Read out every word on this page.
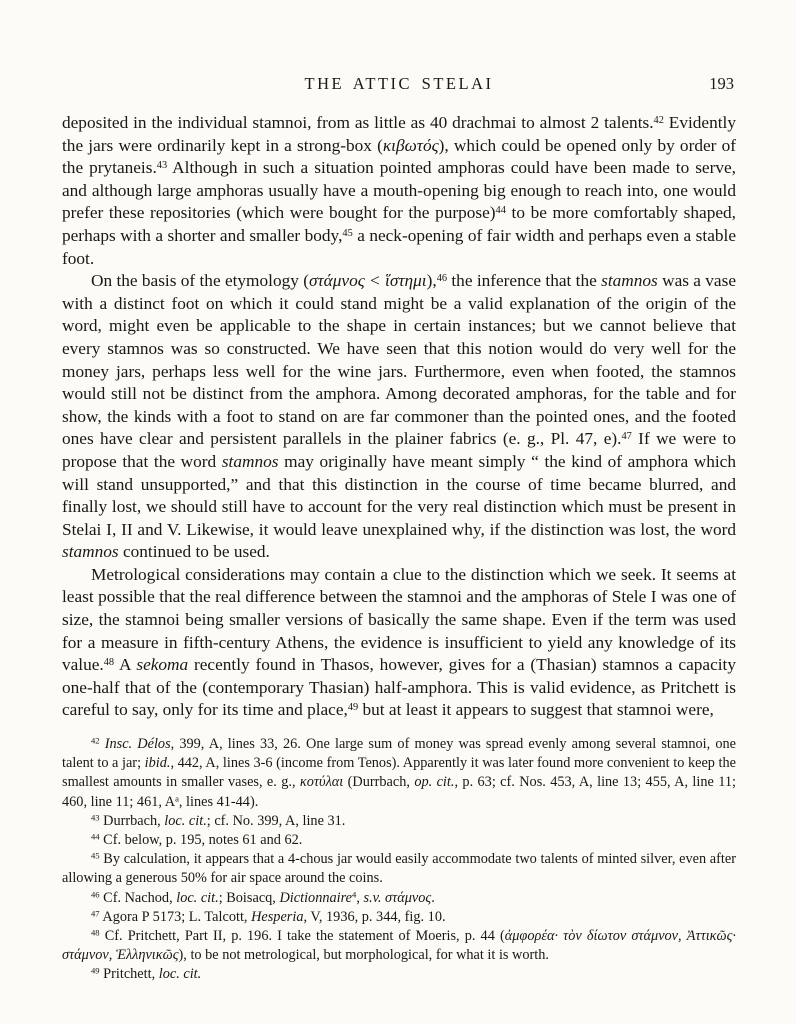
THE ATTIC STELAI	193

deposited in the individual stamnoi, from as little as 40 drachmai to almost 2 talents.$^{42}$ Evidently the jars were ordinarily kept in a strong-box (κιβωτός), which could be opened only by order of the prytaneis.$^{43}$ Although in such a situation pointed amphoras could have been made to serve, and although large amphoras usually have a mouth-opening big enough to reach into, one would prefer these repositories (which were bought for the purpose)$^{44}$ to be more comfortably shaped, perhaps with a shorter and smaller body,$^{45}$ a neck-opening of fair width and perhaps even a stable foot.

On the basis of the etymology (στάμνος < ἵστημι),$^{46}$ the inference that the stamnos was a vase with a distinct foot on which it could stand might be a valid explanation of the origin of the word, might even be applicable to the shape in certain instances; but we cannot believe that every stamnos was so constructed. We have seen that this notion would do very well for the money jars, perhaps less well for the wine jars. Furthermore, even when footed, the stamnos would still not be distinct from the amphora. Among decorated amphoras, for the table and for show, the kinds with a foot to stand on are far commoner than the pointed ones, and the footed ones have clear and persistent parallels in the plainer fabrics (e. g., Pl. 47, e).$^{47}$ If we were to propose that the word stamnos may originally have meant simply “ the kind of amphora which will stand unsupported,” and that this distinction in the course of time became blurred, and finally lost, we should still have to account for the very real distinction which must be present in Stelai I, II and V. Likewise, it would leave unexplained why, if the distinction was lost, the word stamnos continued to be used.

Metrological considerations may contain a clue to the distinction which we seek. It seems at least possible that the real difference between the stamnoi and the amphoras of Stele I was one of size, the stamnoi being smaller versions of basically the same shape. Even if the term was used for a measure in fifth-century Athens, the evidence is insufficient to yield any knowledge of its value.$^{48}$ A sekoma recently found in Thasos, however, gives for a (Thasian) stamnos a capacity one-half that of the (contemporary Thasian) half-amphora. This is valid evidence, as Pritchett is careful to say, only for its time and place,$^{49}$ but at least it appears to suggest that stamnoi were,

$^{42}$ Insc. Délos, 399, A, lines 33, 26. One large sum of money was spread evenly among several stamnoi, one talent to a jar; ibid., 442, A, lines 3-6 (income from Tenos). Apparently it was later found more convenient to keep the smallest amounts in smaller vases, e. g., κοτύλαι (Durrbach, op. cit., p. 63; cf. Nos. 453, A, line 13; 455, A, line 11; 460, line 11; 461, $A^a$, lines 41-44).

$^{43}$ Durrbach, loc. cit.; cf. No. 399, A, line 31.

$^{44}$ Cf. below, p. 195, notes 61 and 62.

$^{45}$ By calculation, it appears that a 4-chous jar would easily accommodate two talents of minted silver, even after allowing a generous 50% for air space around the coins.

$^{46}$ Cf. Nachod, loc. cit.; Boisacq, Dictionnaire$^4$, s.v. στάμνος.

$^{47}$ Agora P 5173; L. Talcott, Hesperia, V, 1936, p. 344, fig. 10.

$^{48}$ Cf. Pritchett, Part II, p. 196. I take the statement of Moeris, p. 44 (ἀμφορέα· τὸν δίωτον στάμνον, Ἀττικῶς· στάμνον, Ἑλληνικῶς), to be not metrological, but morphological, for what it is worth.

$^{49}$ Pritchett, loc. cit.
